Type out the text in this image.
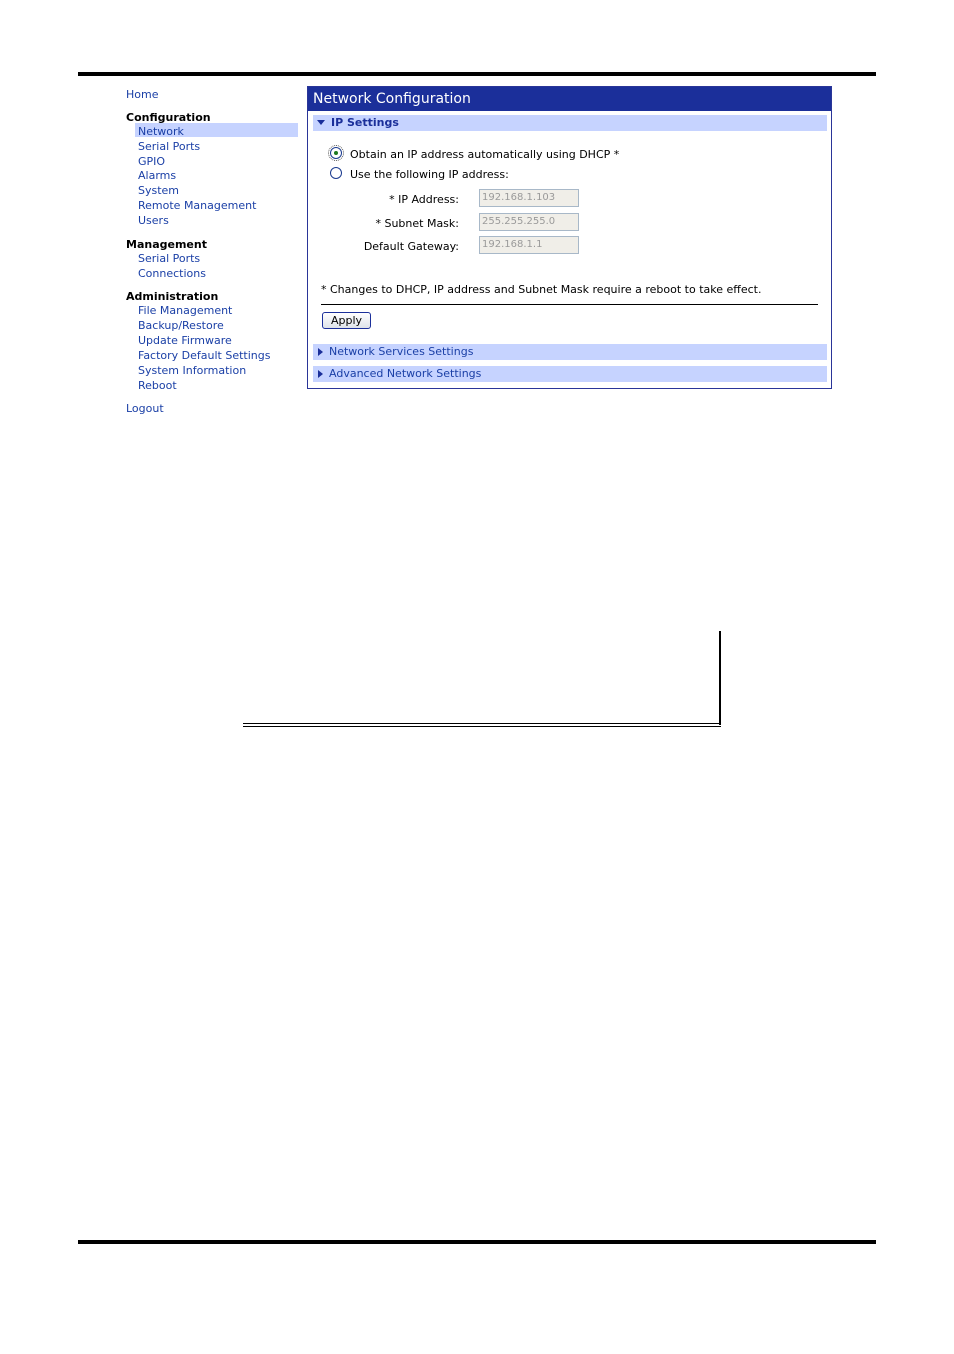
Home
Configuration
Network
Serial Ports
GPIO
Alarms
System
Remote Management
Users
Management
Serial Ports
Connections
Administration
File Management
Backup/Restore
Update Firmware
Factory Default Settings
System Information
Reboot
Logout
Network Configuration
IP Settings
Obtain an IP address automatically using DHCP *
Use the following IP address:
* IP Address:	192.168.1.103
* Subnet Mask:	255.255.255.0
Default Gateway:	192.168.1.1
* Changes to DHCP, IP address and Subnet Mask require a reboot to take effect.
Apply
Network Services Settings
Advanced Network Settings
